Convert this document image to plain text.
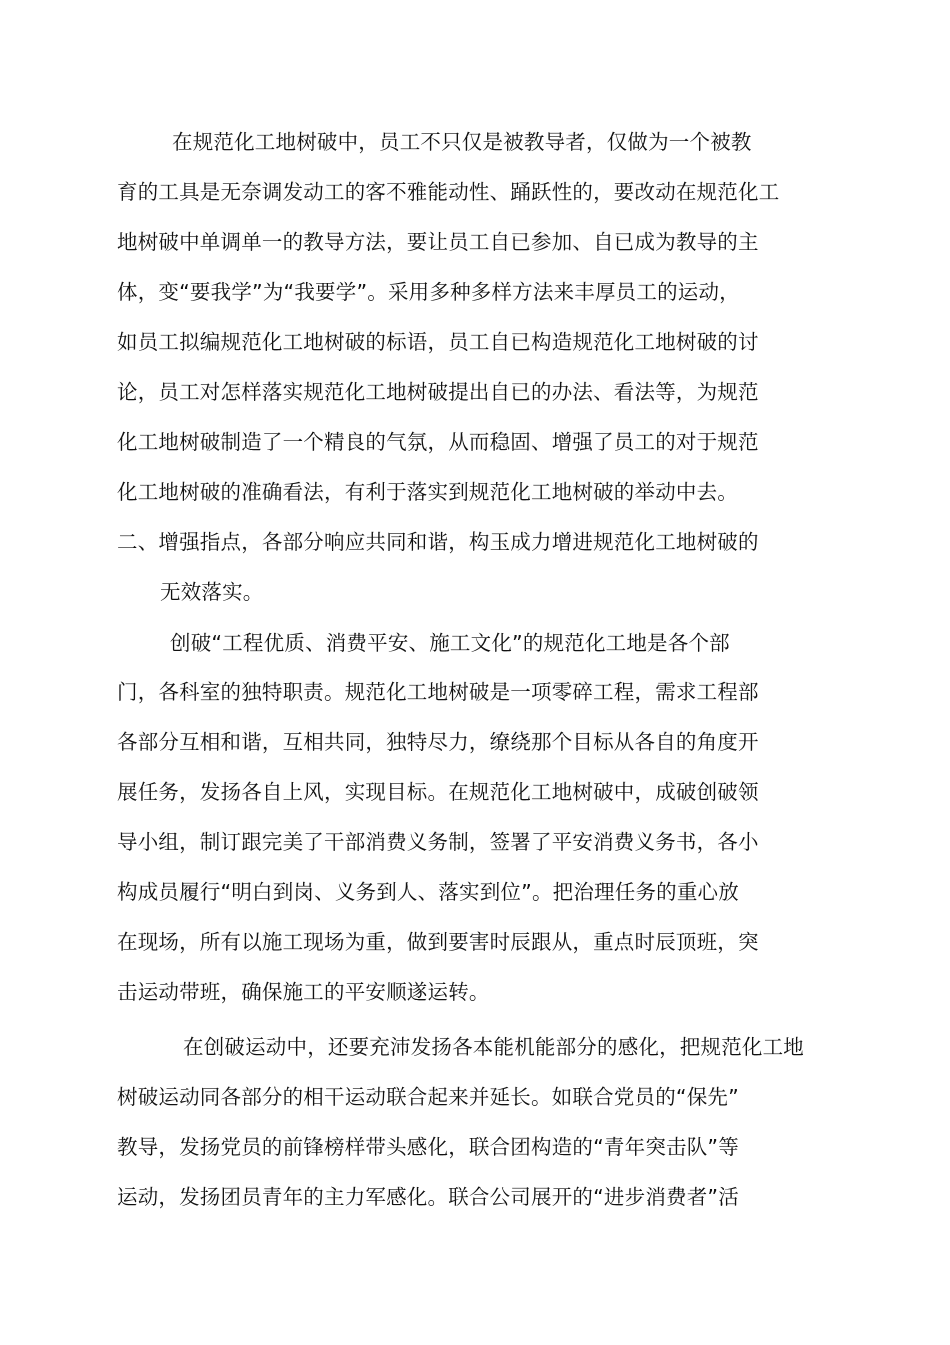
在规范化工地树破中，员工不只仅是被教导者，仅做为一个被教
育的工具是无奈调发动工的客不雅能动性、踊跃性的，要改动在规范化工
地树破中单调单一的教导方法，要让员工自已参加、自已成为教导的主
体，变“要我学”为“我要学”。采用多种多样方法来丰厚员工的运动，
如员工拟编规范化工地树破的标语，员工自已构造规范化工地树破的讨
论，员工对怎样落实规范化工地树破提出自已的办法、看法等，为规范
化工地树破制造了一个精良的气氛，从而稳固、增强了员工的对于规范
化工地树破的准确看法，有利于落实到规范化工地树破的举动中去。
二、增强指点，各部分响应共同和谐，构玉成力增进规范化工地树破的
无效落实。
创破“工程优质、消费平安、施工文化”的规范化工地是各个部
门，各科室的独特职责。规范化工地树破是一项零碎工程，需求工程部
各部分互相和谐，互相共同，独特尽力，缭绕那个目标从各自的角度开
展任务，发扬各自上风，实现目标。在规范化工地树破中，成破创破领
导小组，制订跟完美了干部消费义务制，签署了平安消费义务书，各小
构成员履行“明白到岗、义务到人、落实到位”。把治理任务的重心放
在现场，所有以施工现场为重，做到要害时辰跟从，重点时辰顶班，突
击运动带班，确保施工的平安顺遂运转。
在创破运动中，还要充沛发扬各本能机能部分的感化，把规范化工地
树破运动同各部分的相干运动联合起来并延长。如联合党员的“保先”
教导，发扬党员的前锋榜样带头感化，联合团构造的“青年突击队”等
运动，发扬团员青年的主力军感化。联合公司展开的“进步消费者”活
